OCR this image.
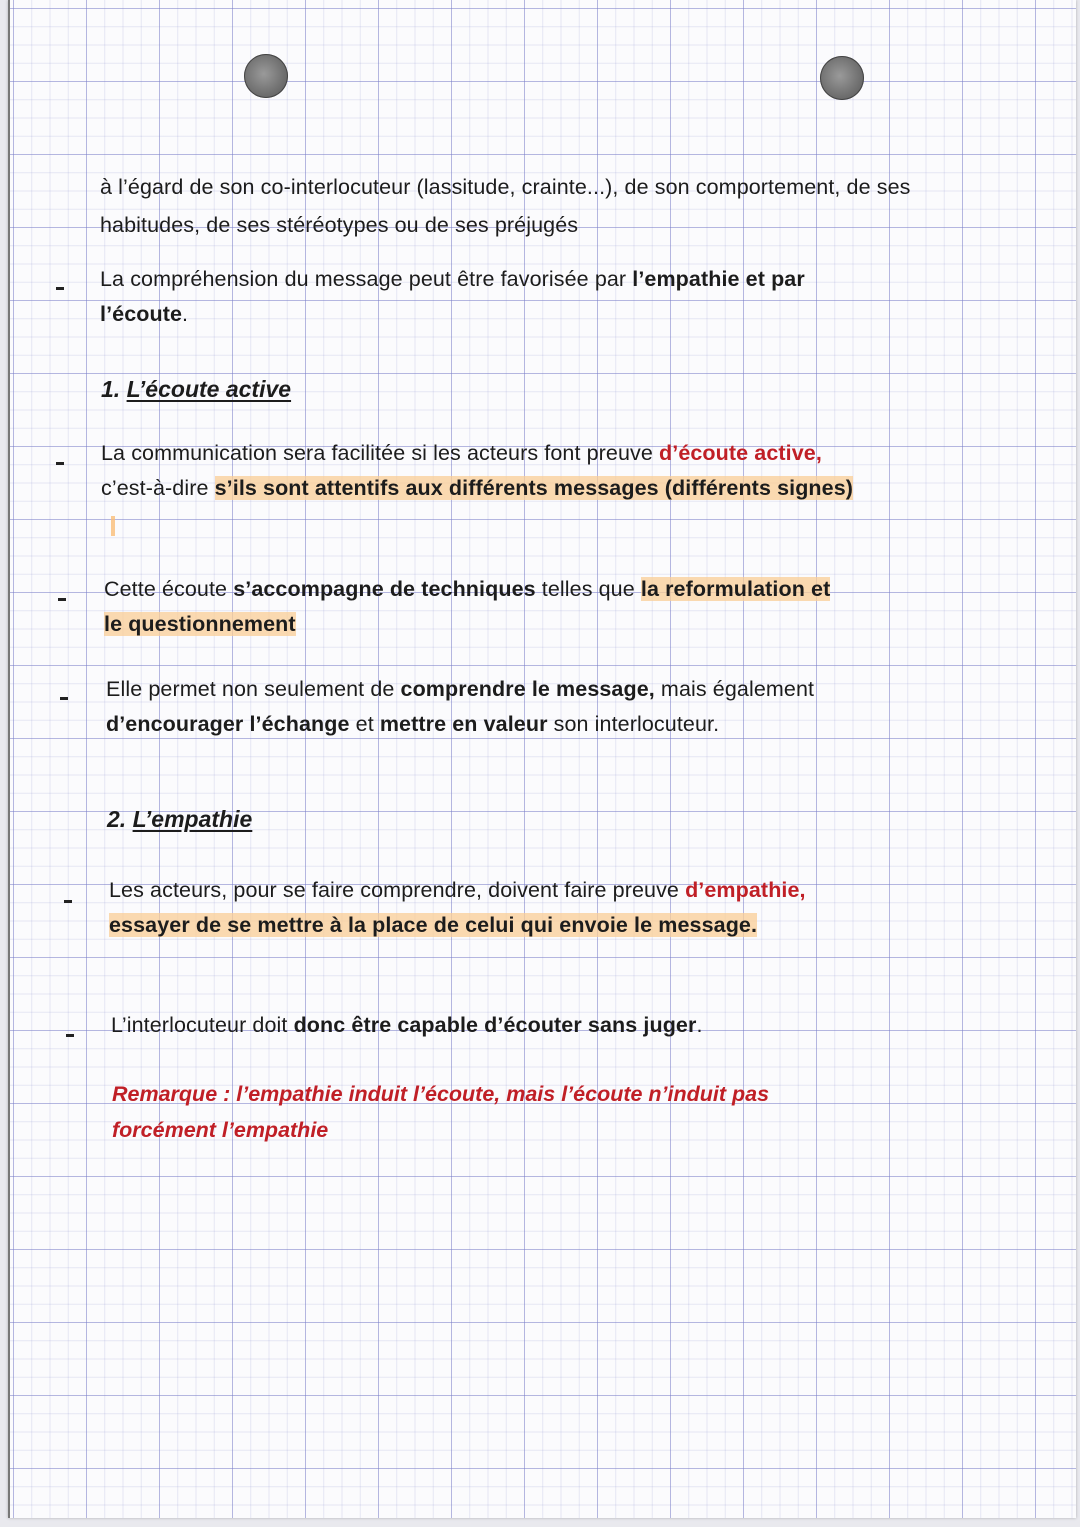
à l’égard de son co-interlocuteur (lassitude, crainte...), de son comportement, de ses
habitudes, de ses stéréotypes ou de ses préjugés
La compréhension du message peut être favorisée par l’empathie et par
l’écoute.
1. L’écoute active
La communication sera facilitée si les acteurs font preuve d’écoute active,
c’est-à-dire s’ils sont attentifs aux différents messages (différents signes)
Cette écoute s’accompagne de techniques telles que la reformulation et
le questionnement
Elle permet non seulement de comprendre le message, mais également
d’encourager l’échange et mettre en valeur son interlocuteur.
2. L’empathie
Les acteurs, pour se faire comprendre, doivent faire preuve d’empathie,
essayer de se mettre à la place de celui qui envoie le message.
L’interlocuteur doit donc être capable d’écouter sans juger.
Remarque : l’empathie induit l’écoute, mais l’écoute n’induit pas
forcément l’empathie
